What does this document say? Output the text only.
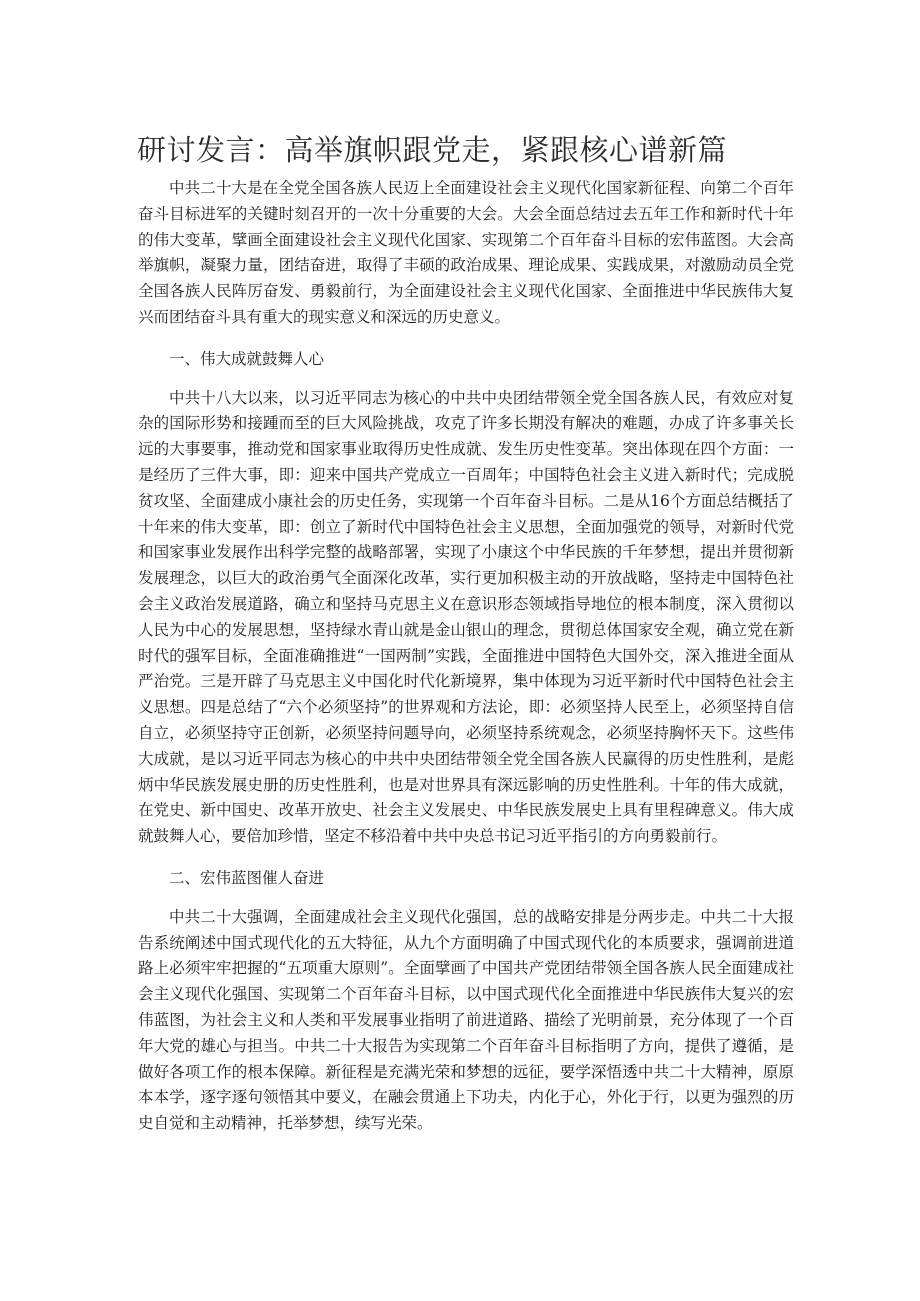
研讨发言：高举旗帜跟党走，紧跟核心谱新篇

中共二十大是在全党全国各族人民迈上全面建设社会主义现代化国家新征程、向第二个百年奋斗目标进军的关键时刻召开的一次十分重要的大会。大会全面总结过去五年工作和新时代十年的伟大变革，擘画全面建设社会主义现代化国家、实现第二个百年奋斗目标的宏伟蓝图。大会高举旗帜，凝聚力量，团结奋进，取得了丰硕的政治成果、理论成果、实践成果，对激励动员全党全国各族人民阵厉奋发、勇毅前行，为全面建设社会主义现代化国家、全面推进中华民族伟大复兴而团结奋斗具有重大的现实意义和深远的历史意义。

一、伟大成就鼓舞人心

中共十八大以来，以习近平同志为核心的中共中央团结带领全党全国各族人民，有效应对复杂的国际形势和接踵而至的巨大风险挑战，攻克了许多长期没有解决的难题，办成了许多事关长远的大事要事，推动党和国家事业取得历史性成就、发生历史性变革。突出体现在四个方面：一是经历了三件大事，即：迎来中国共产党成立一百周年；中国特色社会主义进入新时代；完成脱贫攻坚、全面建成小康社会的历史任务，实现第一个百年奋斗目标。二是从16个方面总结概括了十年来的伟大变革，即：创立了新时代中国特色社会主义思想，全面加强党的领导，对新时代党和国家事业发展作出科学完整的战略部署，实现了小康这个中华民族的千年梦想，提出并贯彻新发展理念，以巨大的政治勇气全面深化改革，实行更加积极主动的开放战略，坚持走中国特色社会主义政治发展道路，确立和坚持马克思主义在意识形态领域指导地位的根本制度，深入贯彻以人民为中心的发展思想，坚持绿水青山就是金山银山的理念，贯彻总体国家安全观，确立党在新时代的强军目标，全面准确推进“一国两制”实践，全面推进中国特色大国外交，深入推进全面从严治党。三是开辟了马克思主义中国化时代化新境界，集中体现为习近平新时代中国特色社会主义思想。四是总结了“六个必须坚持”的世界观和方法论，即：必须坚持人民至上，必须坚持自信自立，必须坚持守正创新，必须坚持问题导向，必须坚持系统观念，必须坚持胸怀天下。这些伟大成就，是以习近平同志为核心的中共中央团结带领全党全国各族人民赢得的历史性胜利，是彪炳中华民族发展史册的历史性胜利，也是对世界具有深远影响的历史性胜利。十年的伟大成就，在党史、新中国史、改革开放史、社会主义发展史、中华民族发展史上具有里程碑意义。伟大成就鼓舞人心，要倍加珍惜，坚定不移沿着中共中央总书记习近平指引的方向勇毅前行。

二、宏伟蓝图催人奋进

中共二十大强调，全面建成社会主义现代化强国，总的战略安排是分两步走。中共二十大报告系统阐述中国式现代化的五大特征，从九个方面明确了中国式现代化的本质要求，强调前进道路上必须牢牢把握的“五项重大原则”。全面擘画了中国共产党团结带领全国各族人民全面建成社会主义现代化强国、实现第二个百年奋斗目标，以中国式现代化全面推进中华民族伟大复兴的宏伟蓝图，为社会主义和人类和平发展事业指明了前进道路、描绘了光明前景，充分体现了一个百年大党的雄心与担当。中共二十大报告为实现第二个百年奋斗目标指明了方向，提供了遵循，是做好各项工作的根本保障。新征程是充满光荣和梦想的远征，要学深悟透中共二十大精神，原原本本学，逐字逐句领悟其中要义，在融会贯通上下功夫，内化于心，外化于行，以更为强烈的历史自觉和主动精神，托举梦想，续写光荣。
